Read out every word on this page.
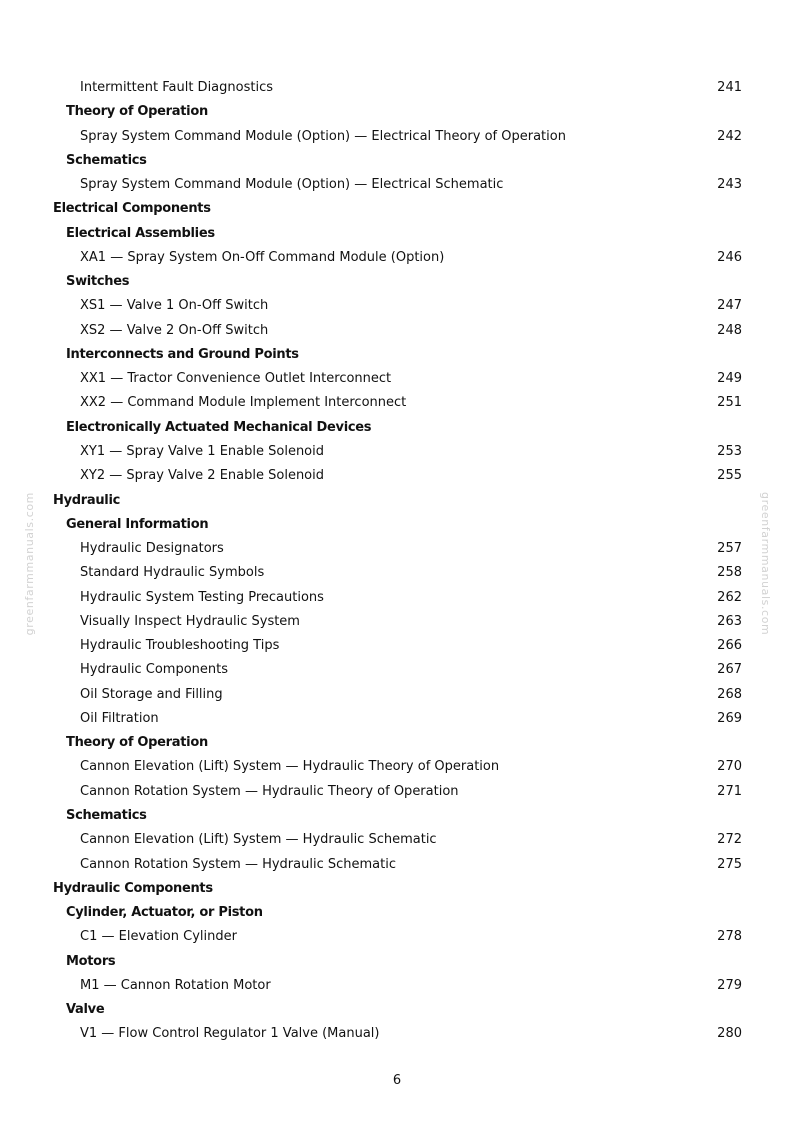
Intermittent Fault Diagnostics	241
Theory of Operation
Spray System Command Module (Option) — Electrical Theory of Operation	242
Schematics
Spray System Command Module (Option) — Electrical Schematic	243
Electrical Components
Electrical Assemblies
XA1 — Spray System On-Off Command Module (Option)	246
Switches
XS1 — Valve 1 On-Off Switch	247
XS2 — Valve 2 On-Off Switch	248
Interconnects and Ground Points
XX1 — Tractor Convenience Outlet Interconnect	249
XX2 — Command Module Implement Interconnect	251
Electronically Actuated Mechanical Devices
XY1 — Spray Valve 1 Enable Solenoid	253
XY2 — Spray Valve 2 Enable Solenoid	255
Hydraulic
General Information
Hydraulic Designators	257
Standard Hydraulic Symbols	258
Hydraulic System Testing Precautions	262
Visually Inspect Hydraulic System	263
Hydraulic Troubleshooting Tips	266
Hydraulic Components	267
Oil Storage and Filling	268
Oil Filtration	269
Theory of Operation
Cannon Elevation (Lift) System — Hydraulic Theory of Operation	270
Cannon Rotation System — Hydraulic Theory of Operation	271
Schematics
Cannon Elevation (Lift) System — Hydraulic Schematic	272
Cannon Rotation System — Hydraulic Schematic	275
Hydraulic Components
Cylinder, Actuator, or Piston
C1 — Elevation Cylinder	278
Motors
M1 — Cannon Rotation Motor	279
Valve
V1 — Flow Control Regulator 1 Valve (Manual)	280
greenfarmmanuals.com	greenfarmmanuals.com
6
